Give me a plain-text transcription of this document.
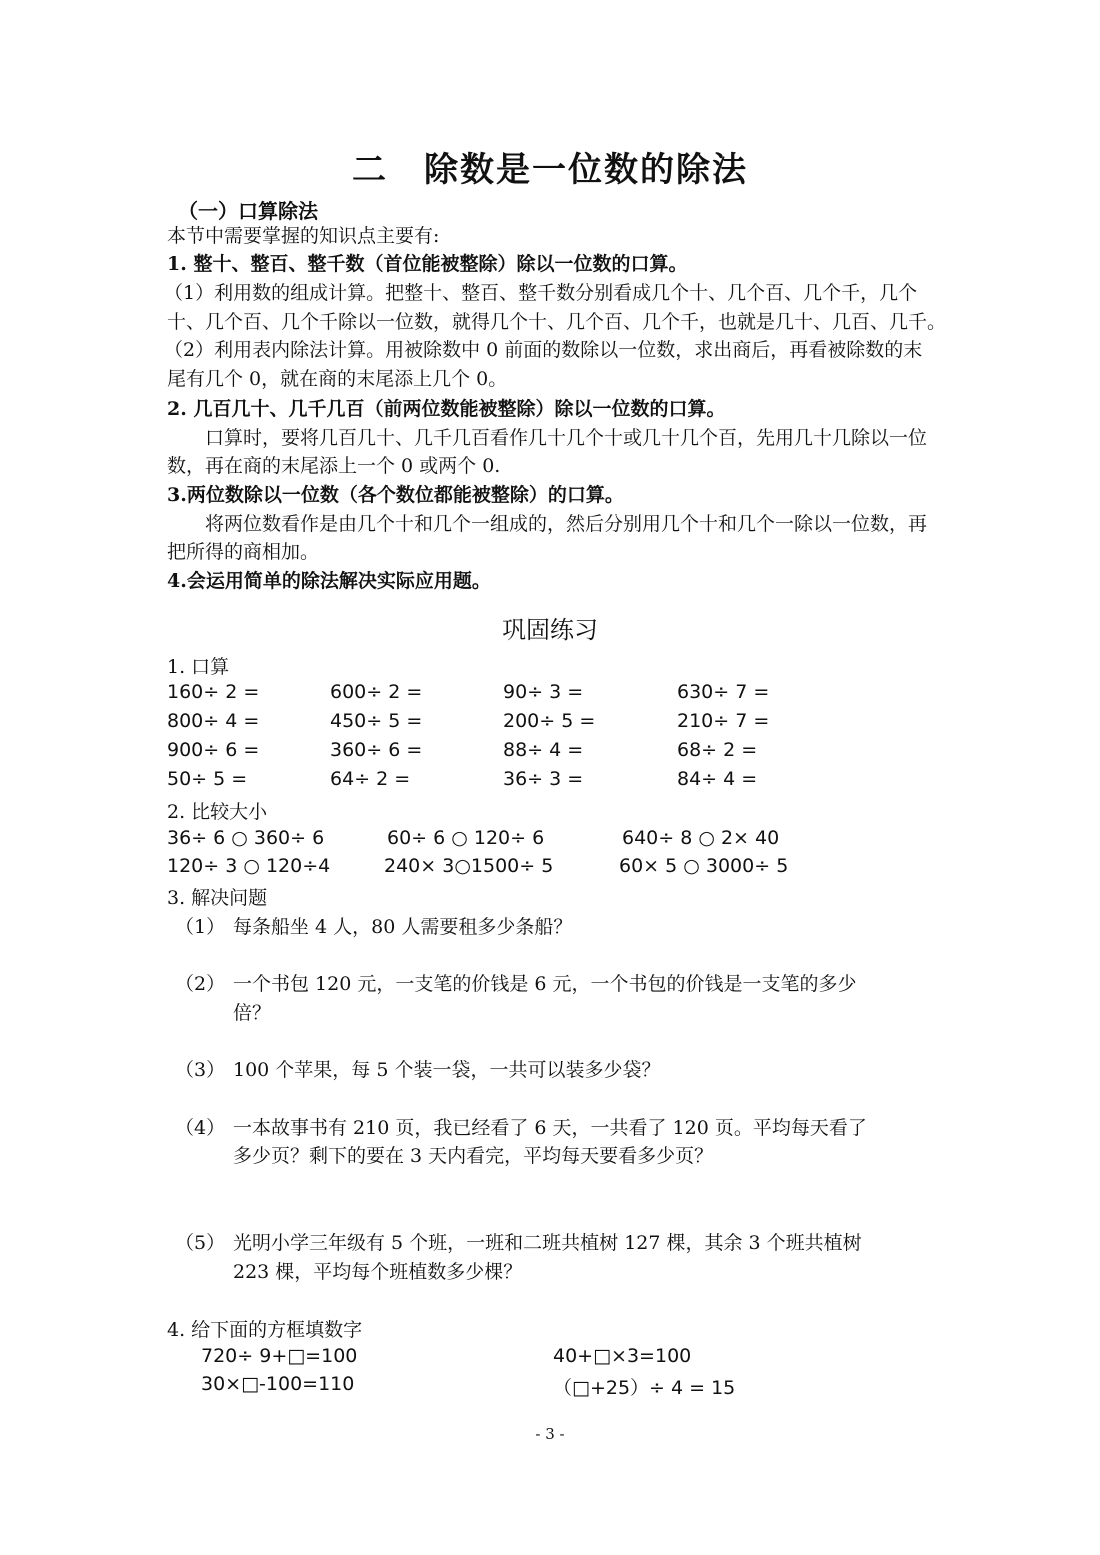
二　除数是一位数的除法
（一）口算除法
本节中需要掌握的知识点主要有:
1. 整十、整百、整千数（首位能被整除）除以一位数的口算。
（1）利用数的组成计算。把整十、整百、整千数分别看成几个十、几个百、几个千，几个
十、几个百、几个千除以一位数，就得几个十、几个百、几个千，也就是几十、几百、几千。
（2）利用表内除法计算。用被除数中 0 前面的数除以一位数，求出商后，再看被除数的末
尾有几个 0，就在商的末尾添上几个 0。
2. 几百几十、几千几百（前两位数能被整除）除以一位数的口算。
口算时，要将几百几十、几千几百看作几十几个十或几十几个百，先用几十几除以一位
数，再在商的末尾添上一个 0 或两个 0.
3.两位数除以一位数（各个数位都能被整除）的口算。
将两位数看作是由几个十和几个一组成的，然后分别用几个十和几个一除以一位数，再
把所得的商相加。
4.会运用简单的除法解决实际应用题。
巩固练习
1. 口算
160÷ 2 =	600÷ 2 =	90÷ 3 =	630÷ 7 =
800÷ 4 =	450÷ 5 =	200÷ 5 =	210÷ 7 =
900÷ 6 =	360÷ 6 =	88÷ 4 =	68÷ 2 =
50÷ 5 =	64÷ 2 =	36÷ 3 =	84÷ 4 =
2. 比较大小
36÷ 6 ○ 360÷ 6	60÷ 6 ○ 120÷ 6	640÷ 8 ○ 2× 40
120÷ 3 ○ 120÷4	240× 3○1500÷ 5	60× 5 ○ 3000÷ 5
3. 解决问题
（1） 每条船坐 4 人，80 人需要租多少条船？
（2） 一个书包 120 元，一支笔的价钱是 6 元，一个书包的价钱是一支笔的多少
倍？
（3） 100 个苹果，每 5 个装一袋，一共可以装多少袋？
（4） 一本故事书有 210 页，我已经看了 6 天，一共看了 120 页。平均每天看了
多少页？剩下的要在 3 天内看完，平均每天要看多少页？
（5） 光明小学三年级有 5 个班，一班和二班共植树 127 棵，其余 3 个班共植树
223 棵，平均每个班植数多少棵？
4. 给下面的方框填数字
720÷ 9+□=100	40+□×3=100
30×□-100=110	（□+25）÷ 4 = 15
- 3 -
